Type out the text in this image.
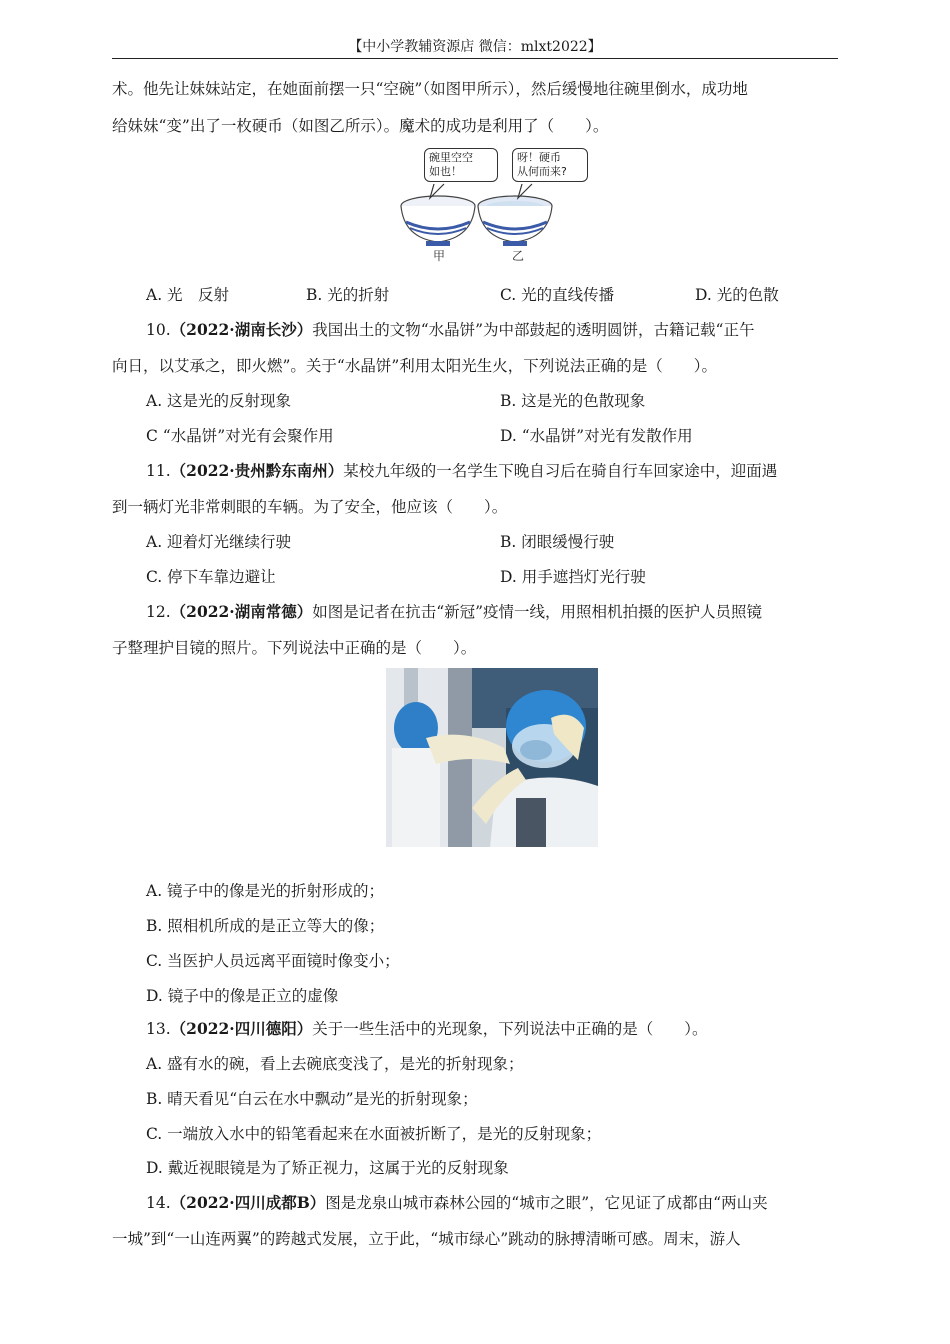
【中小学教辅资源店 微信：mlxt2022】
术。他先让妹妹站定，在她面前摆一只“空碗”（如图甲所示），然后缓慢地往碗里倒水，成功地
给妹妹“变”出了一枚硬币（如图乙所示）。魔术的成功是利用了（　　）。
碗里空空
如也！
呀！硬币
从何而来?
甲	乙
A. 光　反射	B. 光的折射	C. 光的直线传播	D. 光的色散
10.（2022·湖南长沙）我国出土的文物“水晶饼”为中部鼓起的透明圆饼，古籍记载“正午
向日，以艾承之，即火燃”。关于“水晶饼”利用太阳光生火，下列说法正确的是（　　）。
A. 这是光的反射现象	B. 这是光的色散现象
C “水晶饼”对光有会聚作用	D. “水晶饼”对光有发散作用
11.（2022·贵州黔东南州）某校九年级的一名学生下晚自习后在骑自行车回家途中，迎面遇
到一辆灯光非常刺眼的车辆。为了安全，他应该（　　）。
A. 迎着灯光继续行驶	B. 闭眼缓慢行驶
C. 停下车靠边避让	D. 用手遮挡灯光行驶
12.（2022·湖南常德）如图是记者在抗击“新冠”疫情一线，用照相机拍摄的医护人员照镜
子整理护目镜的照片。下列说法中正确的是（　　）。
A. 镜子中的像是光的折射形成的；
B. 照相机所成的是正立等大的像；
C. 当医护人员远离平面镜时像变小；
D. 镜子中的像是正立的虚像
13.（2022·四川德阳）关于一些生活中的光现象，下列说法中正确的是（　　）。
A. 盛有水的碗，看上去碗底变浅了，是光的折射现象；
B. 晴天看见“白云在水中飘动”是光的折射现象；
C. 一端放入水中的铅笔看起来在水面被折断了，是光的反射现象；
D. 戴近视眼镜是为了矫正视力，这属于光的反射现象
14.（2022·四川成都B）图是龙泉山城市森林公园的“城市之眼”，它见证了成都由“两山夹
一城”到“一山连两翼”的跨越式发展，立于此，“城市绿心”跳动的脉搏清晰可感。周末，游人
